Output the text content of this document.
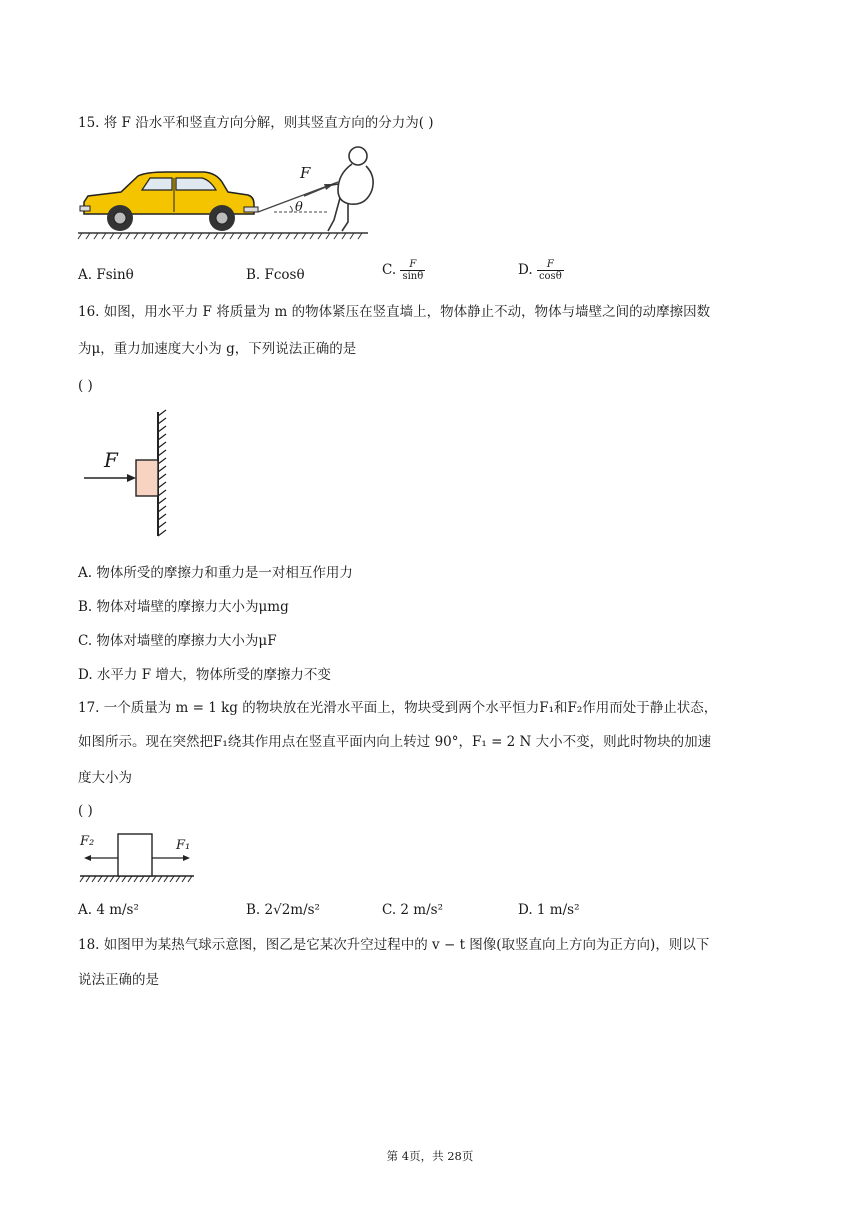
15. 将 F 沿水平和竖直方向分解，则其竖直方向的分力为( )
F
θ
A. Fsinθ	B. Fcosθ	C. $\frac{F}{\sin\theta}$	D. $\frac{F}{\cos\theta}$
16. 如图，用水平力 F 将质量为 m 的物体紧压在竖直墙上，物体静止不动，物体与墙壁之间的动摩擦因数
为μ，重力加速度大小为 g，下列说法正确的是
( )
F
A. 物体所受的摩擦力和重力是一对相互作用力
B. 物体对墙壁的摩擦力大小为μmg
C. 物体对墙壁的摩擦力大小为μF
D. 水平力 F 增大，物体所受的摩擦力不变
17. 一个质量为 m = 1 kg 的物块放在光滑水平面上，物块受到两个水平恒力F₁和F₂作用而处于静止状态，
如图所示。现在突然把F₁绕其作用点在竖直平面内向上转过 90°，F₁ = 2 N 大小不变，则此时物块的加速
度大小为
( )
F₂	F₁
A. 4 m/s²	B. 2√2m/s²	C. 2 m/s²	D. 1 m/s²
18. 如图甲为某热气球示意图，图乙是它某次升空过程中的 v − t 图像(取竖直向上方向为正方向)，则以下
说法正确的是
第 4页，共 28页
